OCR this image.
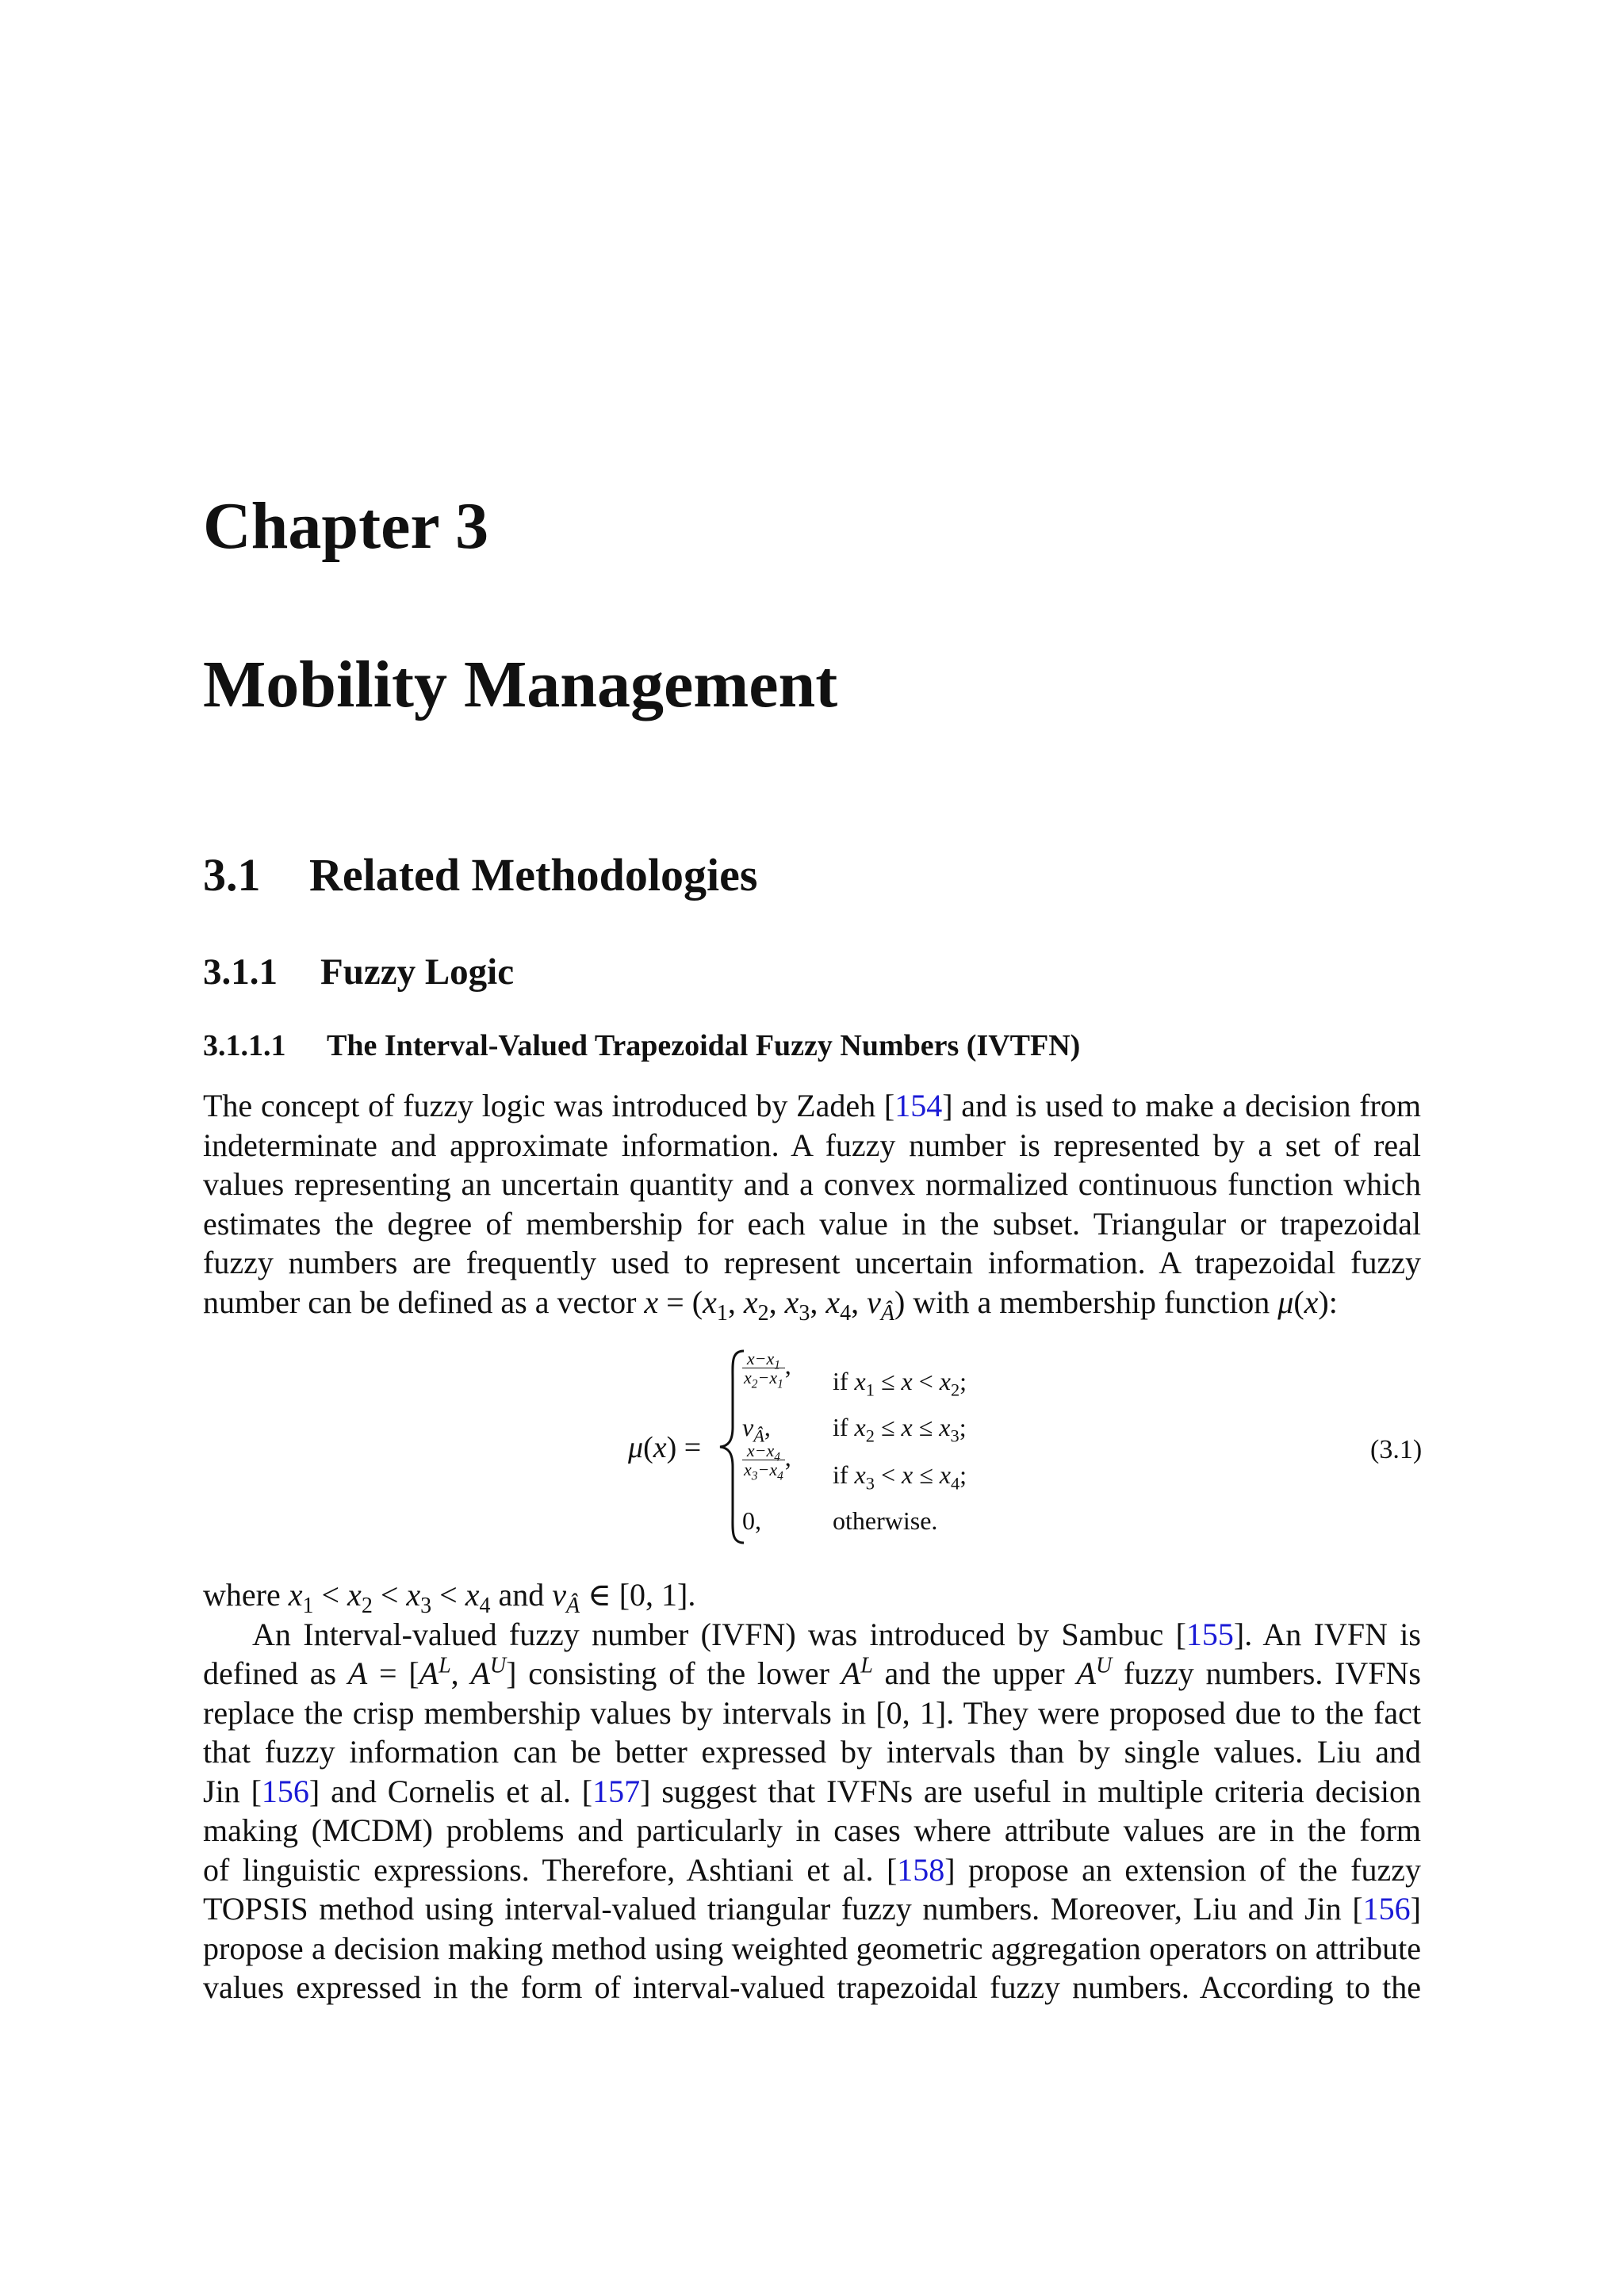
Chapter 3
Mobility Management
3.1 Related Methodologies
3.1.1 Fuzzy Logic
3.1.1.1 The Interval-Valued Trapezoidal Fuzzy Numbers (IVTFN)
The concept of fuzzy logic was introduced by Zadeh [154] and is used to make a decision from
indeterminate and approximate information. A fuzzy number is represented by a set of real
values representing an uncertain quantity and a convex normalized continuous function which
estimates the degree of membership for each value in the subset. Triangular or trapezoidal
fuzzy numbers are frequently used to represent uncertain information. A trapezoidal fuzzy
number can be defined as a vector $x = (x_1$, $x_2$, $x_3$, $x_4$, $v_Â$) with a membership function μ(x):
μ(x) =
$\frac{x-x_1}{x_2-x_1}$ ,
if $x_1 \le x < x_2$;
$v_Â$, if $x_2 \le x \le x_3$;
$\frac{x-x_4}{x_3-x_4}$ ,
if $x_3 < x \le x_4$;
0,	otherwise.
(3.1)
where $x_1 < x_2 < x_3 < x_4$ and $v_Â$ ∈ [0, 1].
An Interval-valued fuzzy number (IVFN) was introduced by Sambuc [155]. An IVFN is
defined as $A = [A^L$, $A^U$] consisting of the lower $A^L$ and the upper $A^U$ fuzzy numbers. IVFNs
replace the crisp membership values by intervals in [0, 1]. They were proposed due to the fact
that fuzzy information can be better expressed by intervals than by single values. Liu and
Jin [156] and Cornelis et al. [157] suggest that IVFNs are useful in multiple criteria decision
making (MCDM) problems and particularly in cases where attribute values are in the form
of linguistic expressions. Therefore, Ashtiani et al. [158] propose an extension of the fuzzy
TOPSIS method using interval-valued triangular fuzzy numbers. Moreover, Liu and Jin [156]
propose a decision making method using weighted geometric aggregation operators on attribute
values expressed in the form of interval-valued trapezoidal fuzzy numbers. According to the
